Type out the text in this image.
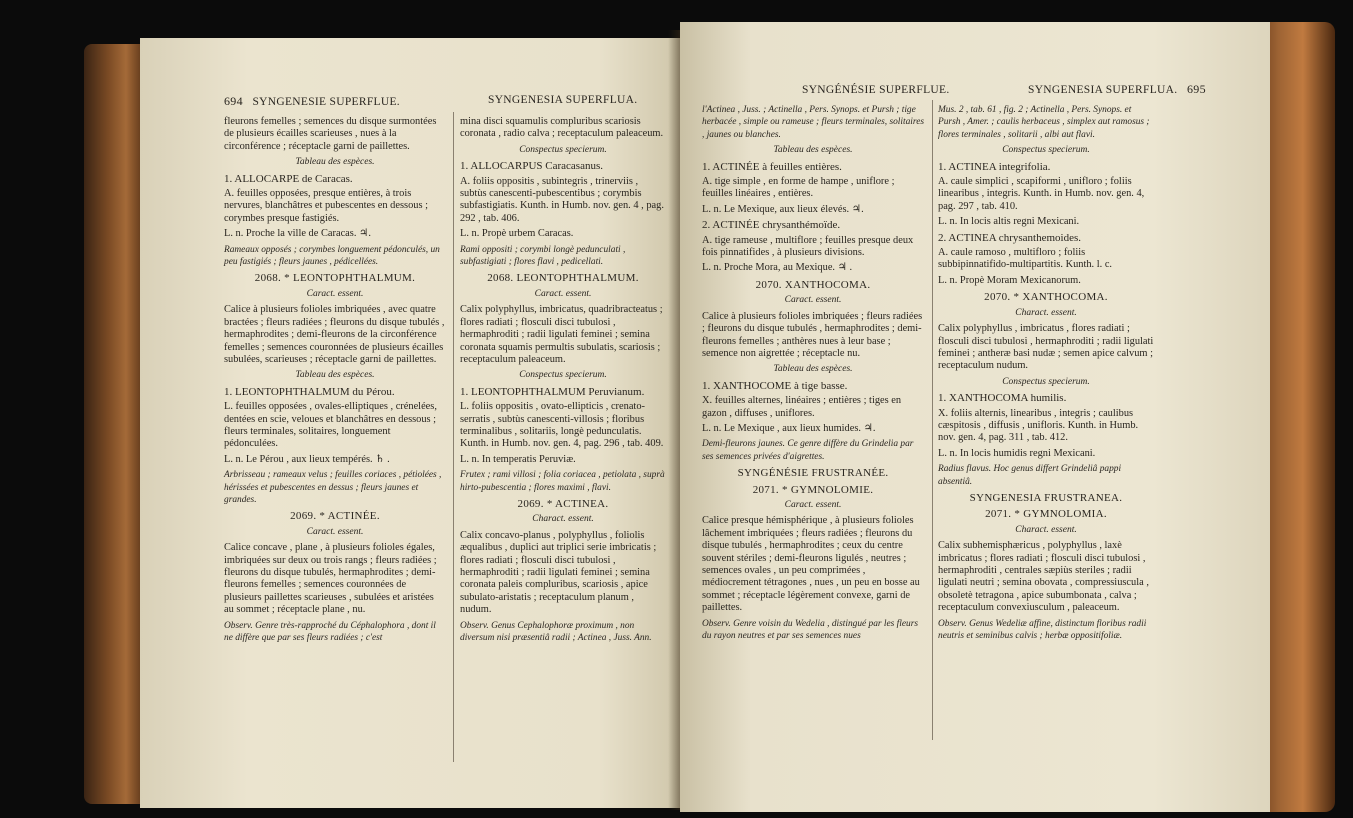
694 SYNGENESIE SUPERFLUE.	SYNGENESIA SUPERFLUA.

fleurons femelles ; semences du disque surmontées de plusieurs écailles scarieuses , nues à la circonférence ; réceptacle garni de paillettes.

Tableau des espèces.

1. ALLOCARPE de Caracas.

A. feuilles opposées, presque entières, à trois nervures, blanchâtres et pubescentes en dessous ; corymbes presque fastigiés.

L. n. Proche la ville de Caracas. ♃.

Rameaux opposés ; corymbes longuement pédonculés, un peu fastigiés ; fleurs jaunes , pédicellées.

2068. * LEONTOPHTHALMUM.
Caract. essent.

Calice à plusieurs folioles imbriquées , avec quatre bractées ; fleurs radiées ; fleurons du disque tubulés , hermaphrodites ; demi-fleurons de la circonférence femelles ; semences couronnées de plusieurs écailles subulées, scarieuses ; réceptacle garni de paillettes.

Tableau des espèces.

1. LEONTOPHTHALMUM du Pérou.

L. feuilles opposées , ovales-elliptiques , crénelées, dentées en scie, veloues et blanchâtres en dessous ; fleurs terminales, solitaires, longuement pédonculées.

L. n. Le Pérou , aux lieux tempérés. ♄ .

Arbrisseau ; rameaux velus ; feuilles coriaces , pétiolées , hérissées et pubescentes en dessus ; fleurs jaunes et grandes.

2069. * ACTINÉE.
Caract. essent.

Calice concave , plane , à plusieurs folioles égales, imbriquées sur deux ou trois rangs ; fleurs radiées ; fleurons du disque tubulés, hermaphrodites ; demi-fleurons femelles ; semences couronnées de plusieurs paillettes scarieuses , subulées et aristées au sommet ; réceptacle plane , nu.

Observ. Genre très-rapproché du Céphalophora , dont il ne diffère que par ses fleurs radiées ; c'est

mina disci squamulis compluribus scariosis coronata , radio calva ; receptaculum paleaceum.

Conspectus specierum.

1. ALLOCARPUS Caracasanus.

A. foliis oppositis , subintegris , trinerviis , subtùs canescenti-pubescentibus ; corymbis subfastigiatis. Kunth. in Humb. nov. gen. 4 , pag. 292 , tab. 406.

L. n. Propè urbem Caracas.

Rami oppositi ; corymbi longè pedunculati , subfastigiati ; flores flavi , pedicellati.

2068. LEONTOPHTHALMUM.
Caract. essent.

Calix polyphyllus, imbricatus, quadribracteatus ; flores radiati ; flosculi disci tubulosi , hermaphroditi ; radii ligulati feminei ; semina coronata squamis permultis subulatis, scariosis ; receptaculum paleaceum.

Conspectus specierum.

1. LEONTOPHTHALMUM Peruvianum.

L. foliis oppositis , ovato-ellipticis , crenato-serratis , subtùs canescenti-villosis ; floribus terminalibus , solitariis, longè pedunculatis. Kunth. in Humb. nov. gen. 4, pag. 296 , tab. 409.

L. n. In temperatis Peruviæ.

Frutex ; rami villosi ; folia coriacea , petiolata , suprà hirto-pubescentia ; flores maximi , flavi.

2069. * ACTINEA.
Charact. essent.

Calix concavo-planus , polyphyllus , foliolis æqualibus , duplici aut triplici serie imbricatis ; flores radiati ; flosculi disci tubulosi , hermaphroditi ; radii ligulati feminei ; semina coronata paleis compluribus, scariosis , apice subulato-aristatis ; receptaculum planum , nudum.

Observ. Genus Cephalophoræ proximum , non diversum nisi præsentiâ radii ; Actinea , Juss. Ann.

SYNGÉNÉSIE SUPERFLUE.	SYNGENESIA SUPERFLUA. 695

l'Actinea , Juss. ; Actinella , Pers. Synops. et Pursh ; tige herbacée , simple ou rameuse ; fleurs terminales, solitaires , jaunes ou blanches.

Tableau des espèces.

1. ACTINÉE à feuilles entières.

A. tige simple , en forme de hampe , uniflore ; feuilles linéaires , entières.

L. n. Le Mexique, aux lieux élevés. ♃.

2. ACTINÉE chrysanthémoïde.

A. tige rameuse , multiflore ; feuilles presque deux fois pinnatifides , à plusieurs divisions.

L. n. Proche Mora, au Mexique. ♃ .

2070. XANTHOCOMA.
Caract. essent.

Calice à plusieurs folioles imbriquées ; fleurs radiées ; fleurons du disque tubulés , hermaphrodites ; demi-fleurons femelles ; anthères nues à leur base ; semence non aigrettée ; réceptacle nu.

Tableau des espèces.

1. XANTHOCOME à tige basse.

X. feuilles alternes, linéaires ; entières ; tiges en gazon , diffuses , uniflores.

L. n. Le Mexique , aux lieux humides. ♃.

Demi-fleurons jaunes. Ce genre diffère du Grindelia par ses semences privées d'aigrettes.

SYNGÉNÉSIE FRUSTRANÉE.
2071. * GYMNOLOMIE.
Caract. essent.

Calice presque hémisphérique , à plusieurs folioles lâchement imbriquées ; fleurs radiées ; fleurons du disque tubulés , hermaphrodites ; ceux du centre souvent stériles ; demi-fleurons ligulés , neutres ; semences ovales , un peu comprimées , médiocrement tétragones , nues , un peu en bosse au sommet ; réceptacle légèrement convexe, garni de paillettes.

Observ. Genre voisin du Wedelia , distingué par les fleurs du rayon neutres et par ses semences nues

Mus. 2 , tab. 61 , fig. 2 ; Actinella , Pers. Synops. et Pursh , Amer. ; caulis herbaceus , simplex aut ramosus ; flores terminales , solitarii , albi aut flavi.

Conspectus specierum.

1. ACTINEA integrifolia.

A. caule simplici , scapiformi , unifloro ; foliis linearibus , integris. Kunth. in Humb. nov. gen. 4, pag. 297 , tab. 410.

L. n. In locis altis regni Mexicani.

2. ACTINEA chrysanthemoides.

A. caule ramoso , multifloro ; foliis subbipinnatifido-multipartitis. Kunth. l. c.

L. n. Propè Moram Mexicanorum.

2070. * XANTHOCOMA.
Charact. essent.

Calix polyphyllus , imbricatus , flores radiati ; flosculi disci tubulosi , hermaphroditi ; radii ligulati feminei ; antheræ basi nudæ ; semen apice calvum ; receptaculum nudum.

Conspectus specierum.

1. XANTHOCOMA humilis.

X. foliis alternis, linearibus , integris ; caulibus cæspitosis , diffusis , unifloris. Kunth. in Humb. nov. gen. 4, pag. 311 , tab. 412.

L. n. In locis humidis regni Mexicani.

Radius flavus. Hoc genus differt Grindeliâ pappi absentiâ.

SYNGENESIA FRUSTRANEA.
2071. * GYMNOLOMIA.
Charact. essent.

Calix subhemisphæricus , polyphyllus , laxè imbricatus ; flores radiati ; flosculi disci tubulosi , hermaphroditi , centrales sæpiùs steriles ; radii ligulati neutri ; semina obovata , compressiuscula , obsoletè tetragona , apice subumbonata , calva ; receptaculum convexiusculum , paleaceum.

Observ. Genus Wedeliæ affine, distinctum floribus radii neutris et seminibus calvis ; herbæ oppositifoliæ.
